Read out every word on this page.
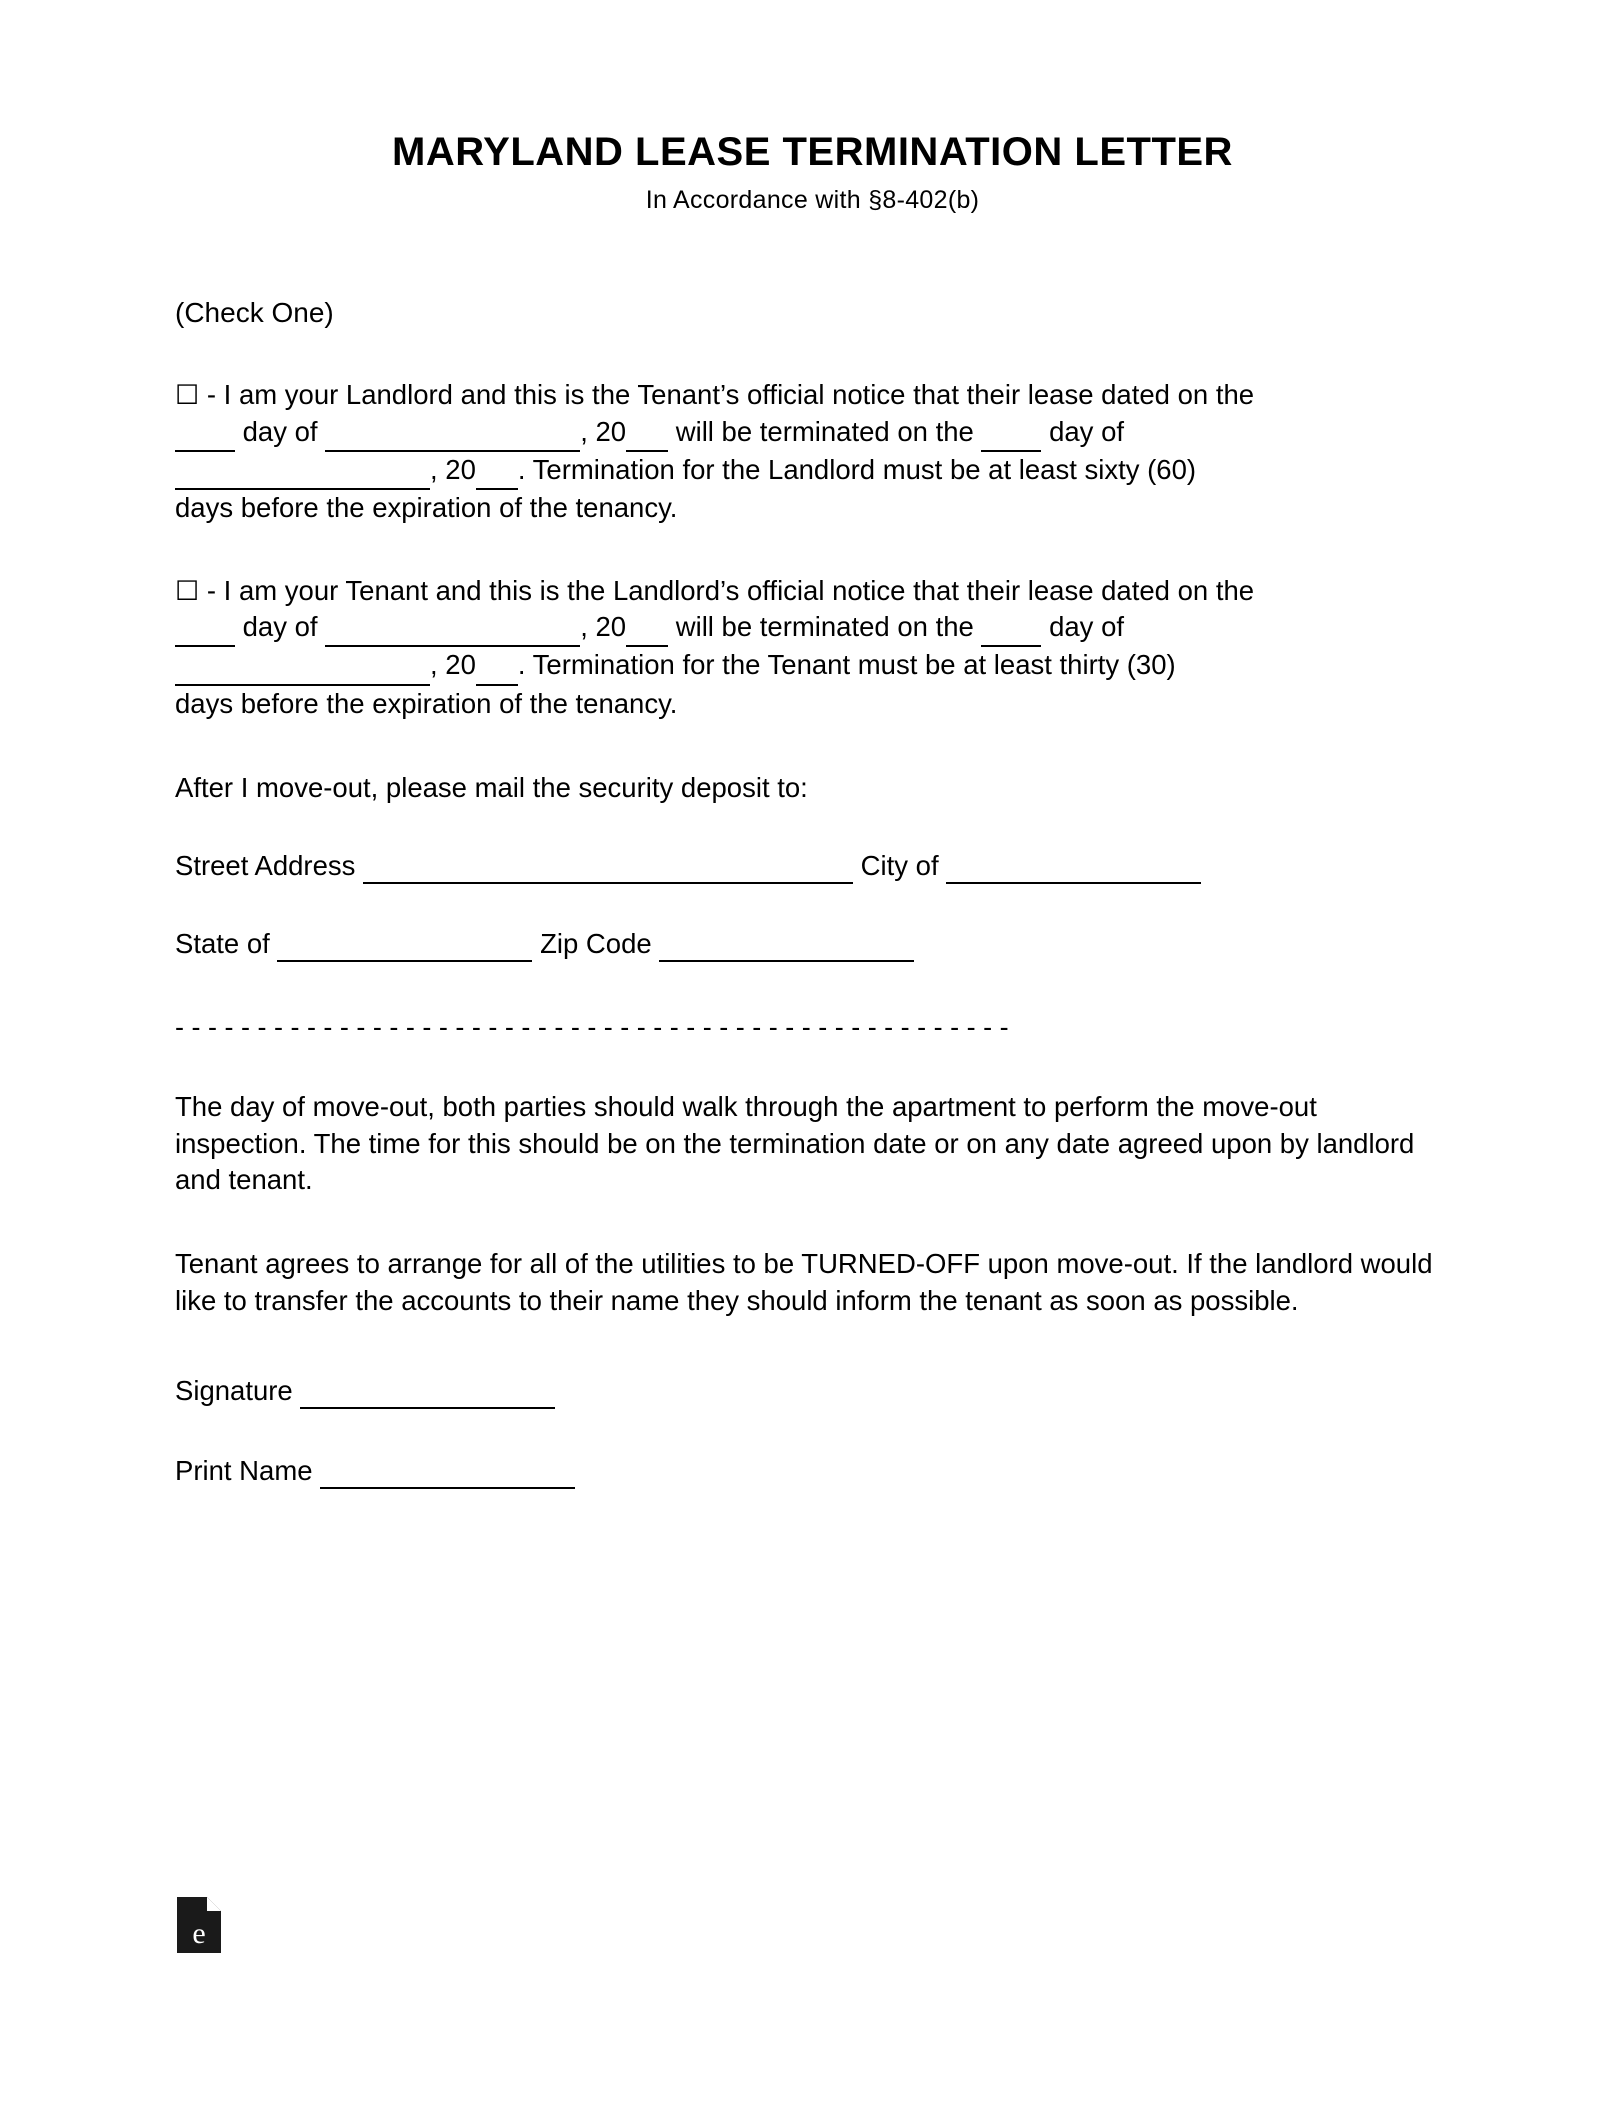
MARYLAND LEASE TERMINATION LETTER
In Accordance with §8-402(b)
(Check One)
☐ - I am your Landlord and this is the Tenant’s official notice that their lease dated on the
day of	, 20 will be terminated on the	day of
, 20 . Termination for the Landlord must be at least sixty (60)
days before the expiration of the tenancy.
☐ - I am your Tenant and this is the Landlord’s official notice that their lease dated on the
day of	, 20 will be terminated on the	day of
, 20 . Termination for the Tenant must be at least thirty (30)
days before the expiration of the tenancy.
After I move-out, please mail the security deposit to:
Street Address	City of
State of	Zip Code
- - - - - - - - - - - - - - - - - - - - - - - - - - - - - - - - - - - - - - - - - - - - - - - - - - -
The day of move-out, both parties should walk through the apartment to perform the move-out inspection. The time for this should be on the termination date or on any date agreed upon by landlord and tenant.
Tenant agrees to arrange for all of the utilities to be TURNED-OFF upon move-out. If the landlord would like to transfer the accounts to their name they should inform the tenant as soon as possible.
Signature
Print Name
e
